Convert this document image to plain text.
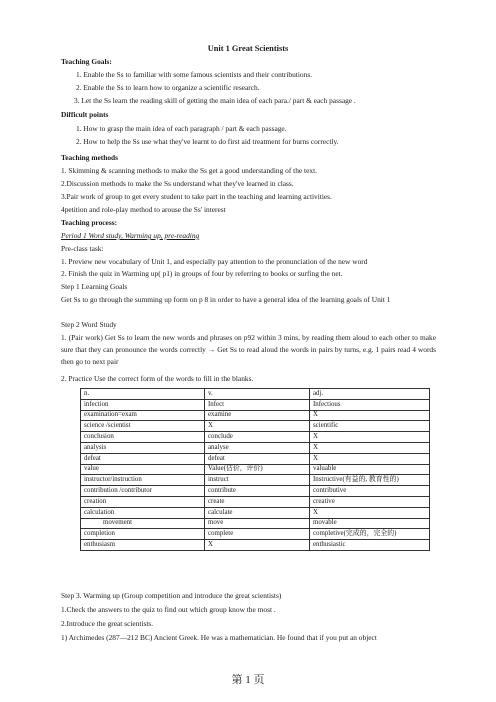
Unit 1 Great Scientists
Teaching Goals:
1. Enable the Ss to familiar with some famous scientists and their contributions.
2. Enable the Ss to learn how to organize a scientific research.
3. Let the Ss learn the reading skill of getting the main idea of each para./ part & each passage .
Difficult points
1. How to grasp the main idea of each paragraph / part & each passage.
2. How to help the Ss use what they've learnt to do first aid treatment for burns correctly.
Teaching methods
1. Skimming & scanning methods to make the Ss get a good understanding of the text.
2.Discussion methods to make the Ss understand what they've learned in class.
3.Pair work of group to get every student to take part in the teaching and learning activities.
4petition and role-play method to arouse the Ss' interest
Teaching process:
Period 1 Word study, Warming up, pre-reading
Pre-class task:
1. Preview new vocabulary of Unit 1, and especially pay attention to the pronunciation of the new word
2. Finish the quiz in Warming up( p1) in groups of four by referring to books or surfing the net.
Step 1 Learning Goals
Get Ss to go through the summing up form on p 8 in order to have a general idea of the learning goals of Unit 1
Step 2 Word Study
1. (Pair work) Get Ss to learn the new words and phrases on p92 within 3 mins, by reading them aloud to each other to make sure that they can pronounce the words correctly → Get Ss to read aloud the words in pairs by turns, e.g. 1 pairs read 4 words then go to next pair
2. Practice Use the correct form of the words to fill in the blanks.
n.	v.	adj.
infection	Infect	Infectious
examination=exam	examine	X
science /scientist	X	scientific
conclusion	conclude	X
analysis	analyse	X
defeat	defeat	X
value	Value(估价，评价)	valuable
instructor/instruction	instruct	Instructive(有益的, 教育性的)
contribution /contributor	contribute	contributive
creation	create	creative
calculation	calculate	X
movement	move	movable
completion	complete	completive(完成的，完全的)
enthusiasm	X	enthusiastic
Step 3. Warming up (Group competition and introduce the great scientists)
1.Check the answers to the quiz to find out which group know the most .
2.Introduce the great scientists.
1) Archimedes (287—212 BC) Ancient Greek. He was a mathematician. He found that if you put an object
第 1 页
